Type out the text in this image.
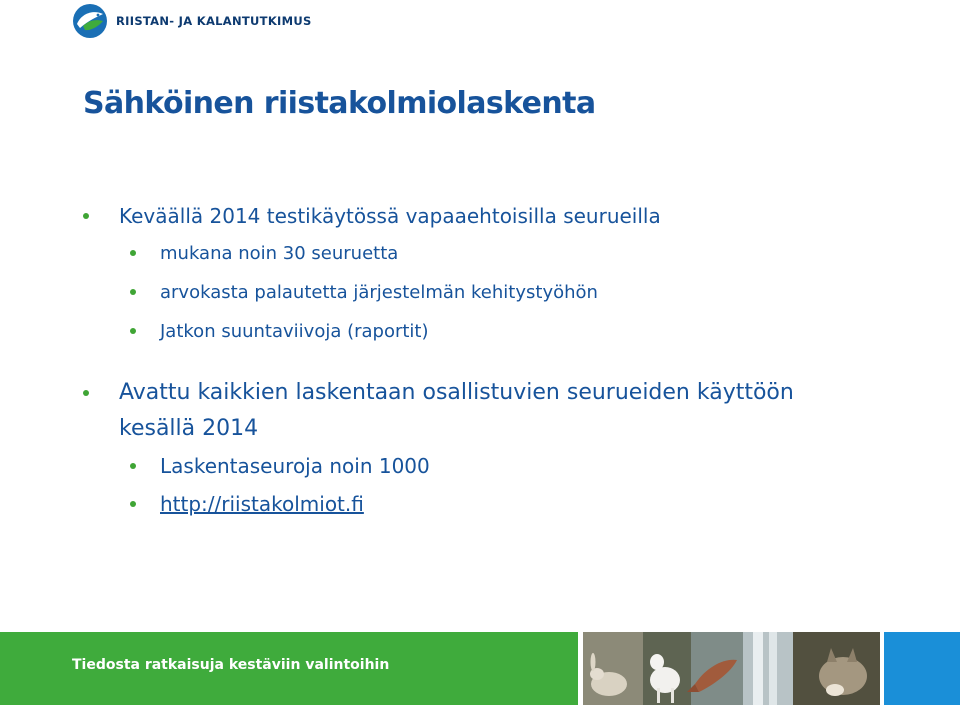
RIISTAN- JA KALANTUTKIMUS
Sähköinen riistakolmiolaskenta
Keväällä 2014 testikäytössä vapaaehtoisilla seurueilla
mukana noin 30 seuruetta
arvokasta palautetta järjestelmän kehitystyöhön
Jatkon suuntaviivoja (raportit)
Avattu kaikkien laskentaan osallistuvien seurueiden käyttöön
kesällä 2014
Laskentaseuroja noin 1000
http://riistakolmiot.fi
Tiedosta ratkaisuja kestäviin valintoihin
